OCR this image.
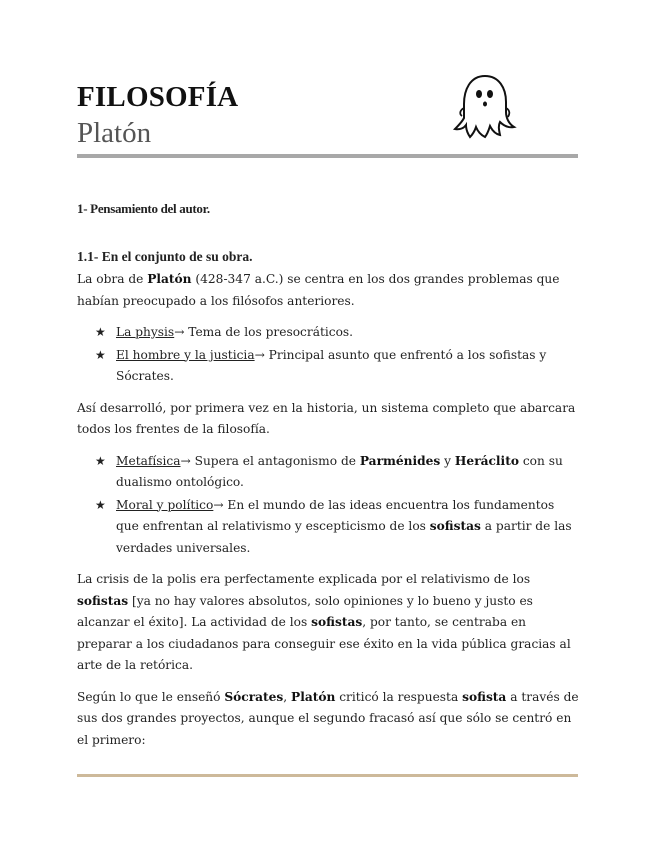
FILOSOFÍA
Platón
1- Pensamiento del autor.
1.1- En el conjunto de su obra.

La obra de Platón (428-347 a.C.) se centra en los dos grandes problemas que habían preocupado a los filósofos anteriores.

★ La physis→ Tema de los presocráticos.
★ El hombre y la justicia→ Principal asunto que enfrentó a los sofistas y Sócrates.

Así desarrolló, por primera vez en la historia, un sistema completo que abarcara todos los frentes de la filosofía.

★ Metafísica→ Supera el antagonismo de Parménides y Heráclito con su dualismo ontológico.
★ Moral y político→ En el mundo de las ideas encuentra los fundamentos que enfrentan al relativismo y escepticismo de los sofistas a partir de las verdades universales.

La crisis de la polis era perfectamente explicada por el relativismo de los sofistas [ya no hay valores absolutos, solo opiniones y lo bueno y justo es alcanzar el éxito]. La actividad de los sofistas, por tanto, se centraba en preparar a los ciudadanos para conseguir ese éxito en la vida pública gracias al arte de la retórica.

Según lo que le enseñó Sócrates, Platón criticó la respuesta sofista a través de sus dos grandes proyectos, aunque el segundo fracasó así que sólo se centró en el primero:
